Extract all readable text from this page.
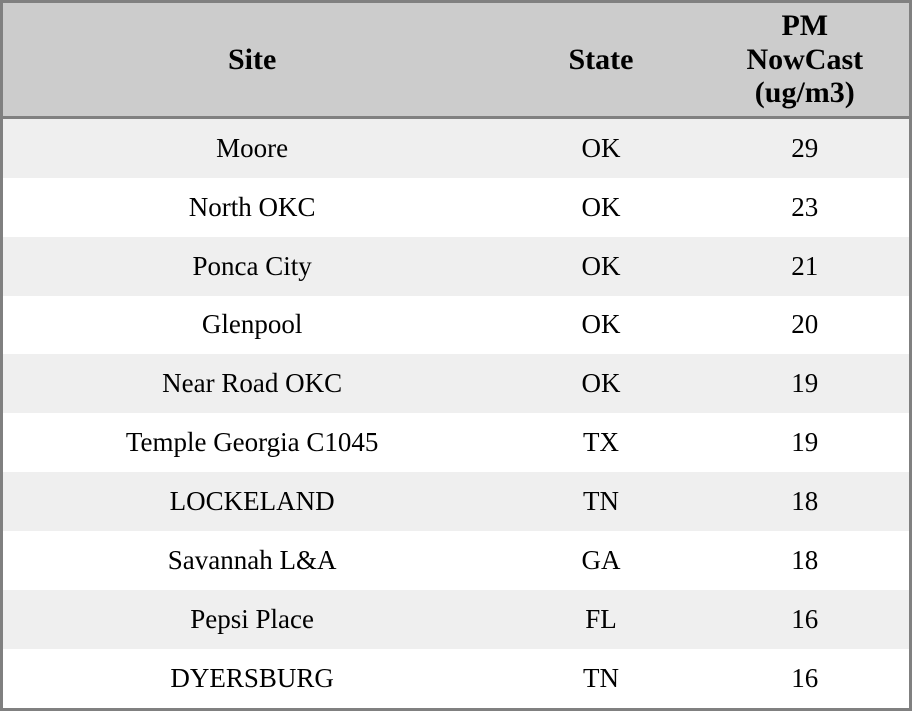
Site	State	PM
NowCast
(ug/m3)

Moore	OK	29
North OKC	OK	23
Ponca City	OK	21
Glenpool	OK	20
Near Road OKC	OK	19
Temple Georgia C1045	TX	19
LOCKELAND	TN	18
Savannah L&A	GA	18
Pepsi Place	FL	16
DYERSBURG	TN	16
